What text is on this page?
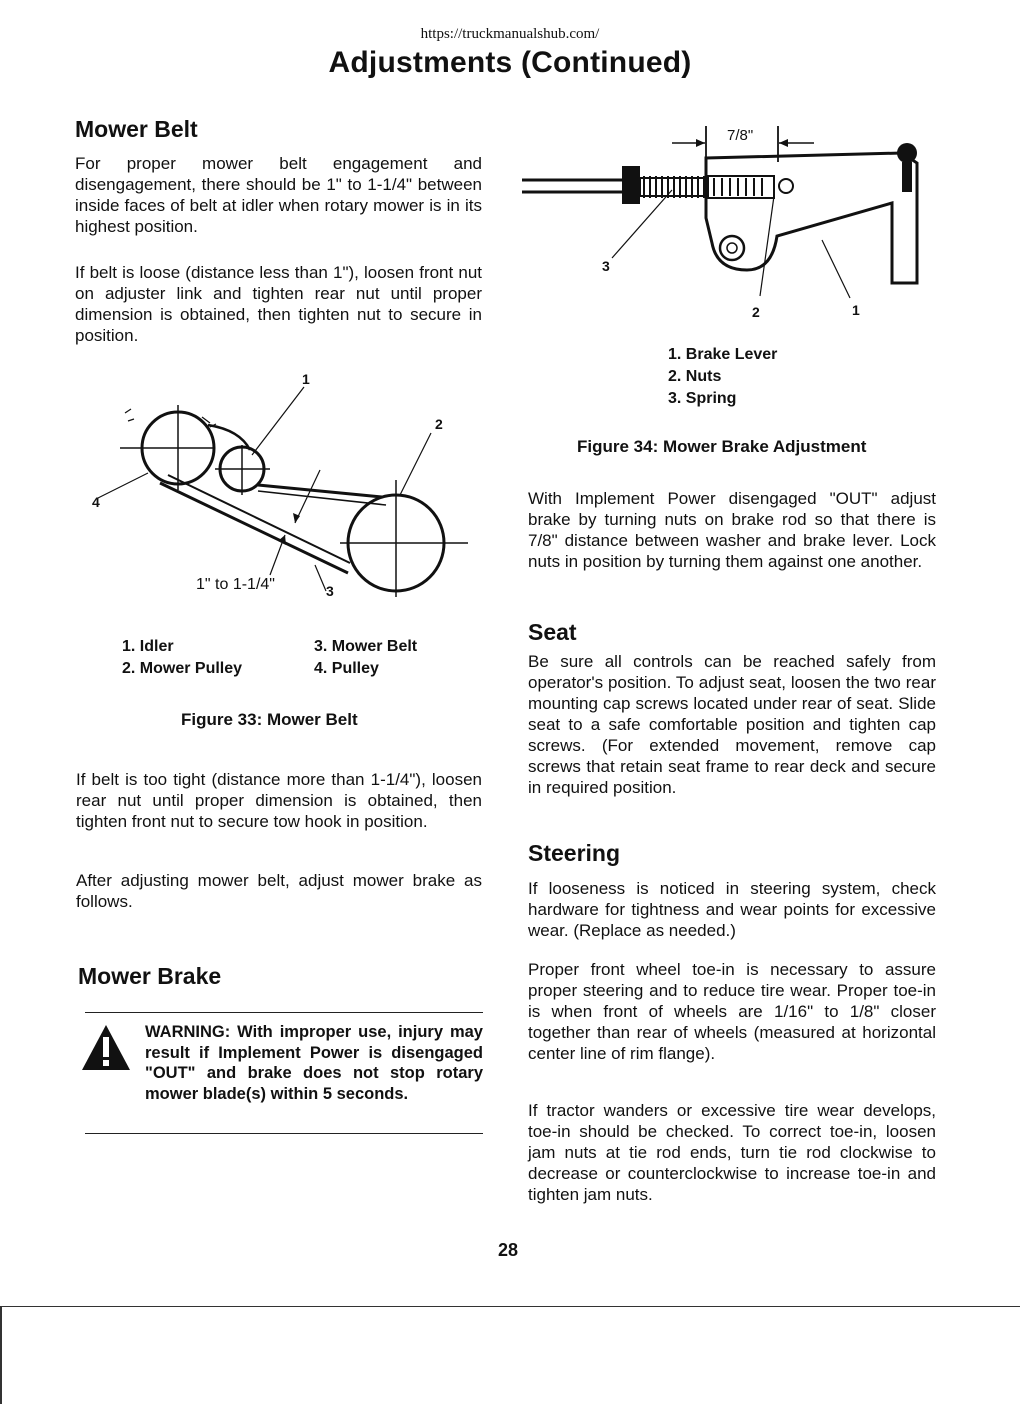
https://truckmanualshub.com/
Adjustments (Continued)
Mower Belt

For proper mower belt engagement and disengagement, there should be 1" to 1-1/4" between inside faces of belt at idler when rotary mower is in its highest position.

If belt is loose (distance less than 1"), loosen front nut on adjuster link and tighten rear nut until proper dimension is obtained, then tighten nut to secure in position.

1
2
3
4
1" to 1-1/4"
1. Idler
2. Mower Pulley
3. Mower Belt
4. Pulley
Figure 33: Mower Belt

If belt is too tight (distance more than 1-1/4"), loosen rear nut until proper dimension is obtained, then tighten front nut to secure tow hook in position.

After adjusting mower belt, adjust mower brake as follows.

Mower Brake

WARNING: With improper use, injury may result if Implement Power is disengaged "OUT" and brake does not stop rotary mower blade(s) within 5 seconds.

7/8"
3
2	1
1. Brake Lever
2. Nuts
3. Spring
Figure 34: Mower Brake Adjustment

With Implement Power disengaged "OUT" adjust brake by turning nuts on brake rod so that there is 7/8" distance between washer and brake lever. Lock nuts in position by turning them against one another.

Seat

Be sure all controls can be reached safely from operator's position. To adjust seat, loosen the two rear mounting cap screws located under rear of seat. Slide seat to a safe comfortable position and tighten cap screws. (For extended movement, remove cap screws that retain seat frame to rear deck and secure in required position.

Steering

If looseness is noticed in steering system, check hardware for tightness and wear points for excessive wear. (Replace as needed.)

Proper front wheel toe-in is necessary to assure proper steering and to reduce tire wear. Proper toe-in is when front of wheels are 1/16" to 1/8" closer together than rear of wheels (measured at horizontal center line of rim flange).

If tractor wanders or excessive tire wear develops, toe-in should be checked. To correct toe-in, loosen jam nuts at tie rod ends, turn tie rod clockwise to decrease or counterclockwise to increase toe-in and tighten jam nuts.

28
